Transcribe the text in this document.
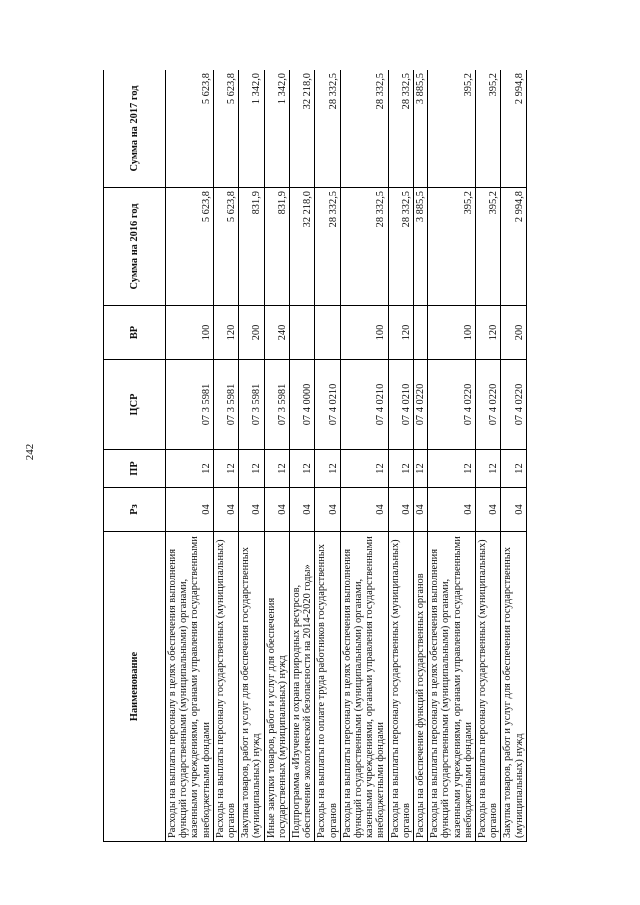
242
Наименование	Рз	ПР	ЦСР	ВР	Сумма на 2016 год	Сумма на 2017 год
Расходы на выплаты персоналу в целях обеспечения выполнения функций государственными (муниципальными) органами, казенными учреждениями, органами управления государственными внебюджетными фондами	04	12	07 3 5981	100	5 623,8	5 623,8
Расходы на выплаты персоналу государственных (муниципальных) органов	04	12	07 3 5981	120	5 623,8	5 623,8
Закупка товаров, работ и услуг для обеспечения государственных (муниципальных) нужд	04	12	07 3 5981	200	831,9	1 342,0
Иные закупки товаров, работ и услуг для обеспечения государственных (муниципальных) нужд	04	12	07 3 5981	240	831,9	1 342,0
Подпрограмма «Изучение и охрана природных ресурсов, обеспечение экологической безопасности на 2014-2020 годы»	04	12	07 4 0000		32 218,0	32 218,0
Расходы на выплаты по оплате труда работников государственных органов	04	12	07 4 0210		28 332,5	28 332,5
Расходы на выплаты персоналу в целях обеспечения выполнения функций государственными (муниципальными) органами, казенными учреждениями, органами управления государственными внебюджетными фондами	04	12	07 4 0210	100	28 332,5	28 332,5
Расходы на выплаты персоналу государственных (муниципальных) органов	04	12	07 4 0210	120	28 332,5	28 332,5
Расходы на обеспечение функций государственных органов	04	12	07 4 0220		3 885,5	3 885,5
Расходы на выплаты персоналу в целях обеспечения выполнения функций государственными (муниципальными) органами, казенными учреждениями, органами управления государственными внебюджетными фондами	04	12	07 4 0220	100	395,2	395,2
Расходы на выплаты персоналу государственных (муниципальных) органов	04	12	07 4 0220	120	395,2	395,2
Закупка товаров, работ и услуг для обеспечения государственных (муниципальных) нужд	04	12	07 4 0220	200	2 994,8	2 994,8
